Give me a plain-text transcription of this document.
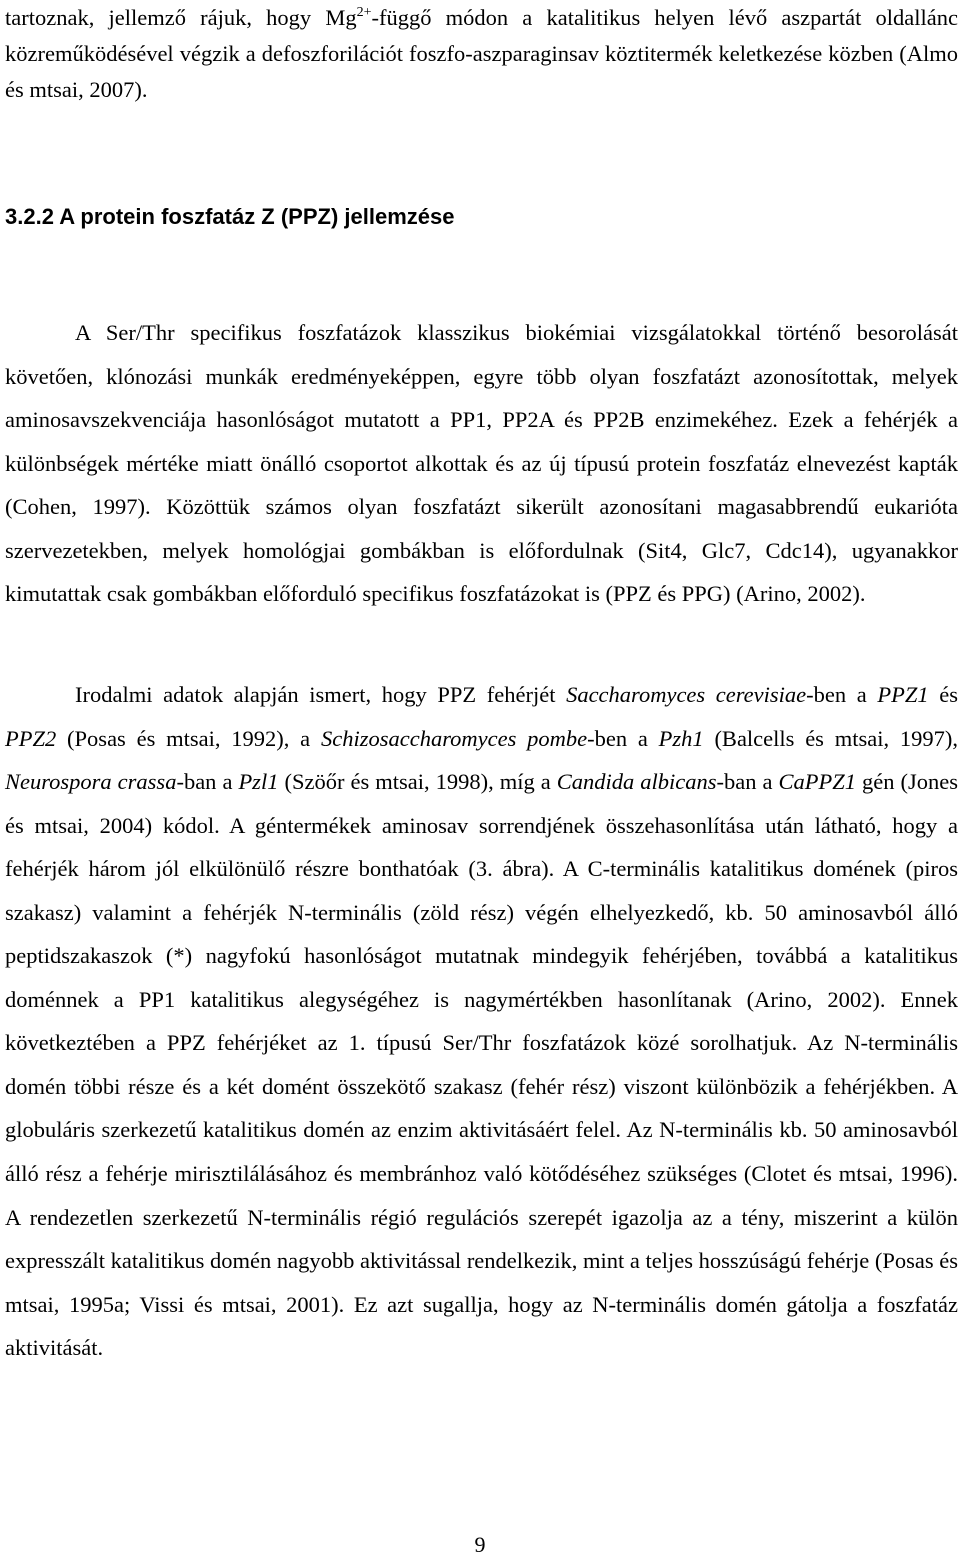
tartoznak, jellemző rájuk, hogy $Mg^{2+}$-függő módon a katalitikus helyen lévő aszpartát oldallánc közreműködésével végzik a defoszforilációt foszfo-aszparaginsav köztitermék keletkezése közben (Almo és mtsai, 2007).

3.2.2 A protein foszfatáz Z (PPZ) jellemzése

A Ser/Thr specifikus foszfatázok klasszikus biokémiai vizsgálatokkal történő besorolását követően, klónozási munkák eredményeképpen, egyre több olyan foszfatázt azonosítottak, melyek aminosavszekvenciája hasonlóságot mutatott a PP1, PP2A és PP2B enzimekéhez. Ezek a fehérjék a különbségek mértéke miatt önálló csoportot alkottak és az új típusú protein foszfatáz elnevezést kapták (Cohen, 1997). Közöttük számos olyan foszfatázt sikerült azonosítani magasabbrendű eukarióta szervezetekben, melyek homológjai gombákban is előfordulnak (Sit4, Glc7, Cdc14), ugyanakkor kimutattak csak gombákban előforduló specifikus foszfatázokat is (PPZ és PPG) (Arino, 2002).

Irodalmi adatok alapján ismert, hogy PPZ fehérjét Saccharomyces cerevisiae-ben a PPZ1 és PPZ2 (Posas és mtsai, 1992), a Schizosaccharomyces pombe-ben a Pzh1 (Balcells és mtsai, 1997), Neurospora crassa-ban a Pzl1 (Szöőr és mtsai, 1998), míg a Candida albicans-ban a CaPPZ1 gén (Jones és mtsai, 2004) kódol. A géntermékek aminosav sorrendjének összehasonlítása után látható, hogy a fehérjék három jól elkülönülő részre bonthatóak (3. ábra). A C-terminális katalitikus domének (piros szakasz) valamint a fehérjék N-terminális (zöld rész) végén elhelyezkedő, kb. 50 aminosavból álló peptidszakaszok (*) nagyfokú hasonlóságot mutatnak mindegyik fehérjében, továbbá a katalitikus doménnek a PP1 katalitikus alegységéhez is nagymértékben hasonlítanak (Arino, 2002). Ennek következtében a PPZ fehérjéket az 1. típusú Ser/Thr foszfatázok közé sorolhatjuk. Az N-terminális domén többi része és a két domént összekötő szakasz (fehér rész) viszont különbözik a fehérjékben. A globuláris szerkezetű katalitikus domén az enzim aktivitásáért felel. Az N-terminális kb. 50 aminosavból álló rész a fehérje mirisztilálásához és membránhoz való kötődéséhez szükséges (Clotet és mtsai, 1996). A rendezetlen szerkezetű N-terminális régió regulációs szerepét igazolja az a tény, miszerint a külön expresszált katalitikus domén nagyobb aktivitással rendelkezik, mint a teljes hosszúságú fehérje (Posas és mtsai, 1995a; Vissi és mtsai, 2001). Ez azt sugallja, hogy az N-terminális domén gátolja a foszfatáz aktivitását.

9
